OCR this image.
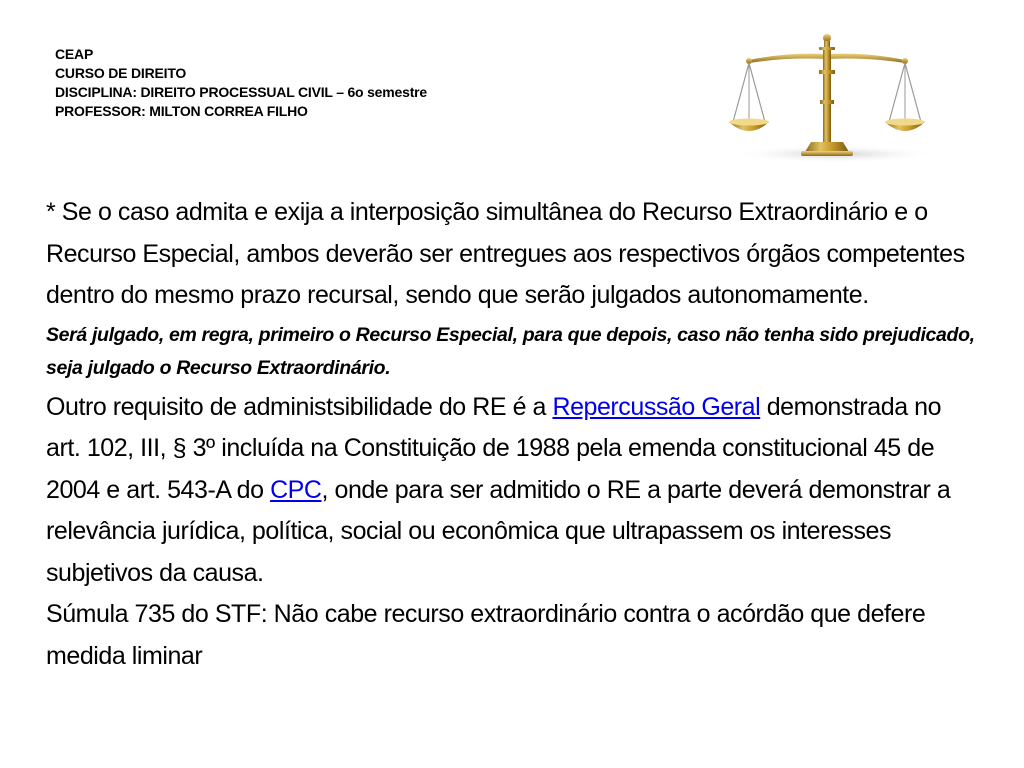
CEAP
CURSO DE DIREITO
DISCIPLINA: DIREITO PROCESSUAL CIVIL – 6o semestre
PROFESSOR: MILTON CORREA FILHO

* Se o caso admita e exija a interposição simultânea do Recurso Extraordinário e o Recurso Especial, ambos deverão ser entregues aos respectivos órgãos competentes dentro do mesmo prazo recursal, sendo que serão julgados autonomamente.

Será julgado, em regra, primeiro o Recurso Especial, para que depois, caso não tenha sido prejudicado, seja julgado o Recurso Extraordinário.

Outro requisito de administsibilidade do RE é a Repercussão Geral demonstrada no art. 102, III, § 3º incluída na Constituição de 1988 pela emenda constitucional 45 de 2004 e art. 543-A do CPC, onde para ser admitido o RE a parte deverá demonstrar a relevância jurídica, política, social ou econômica que ultrapassem os interesses subjetivos da causa.

Súmula 735 do STF: Não cabe recurso extraordinário contra o acórdão que defere medida liminar
